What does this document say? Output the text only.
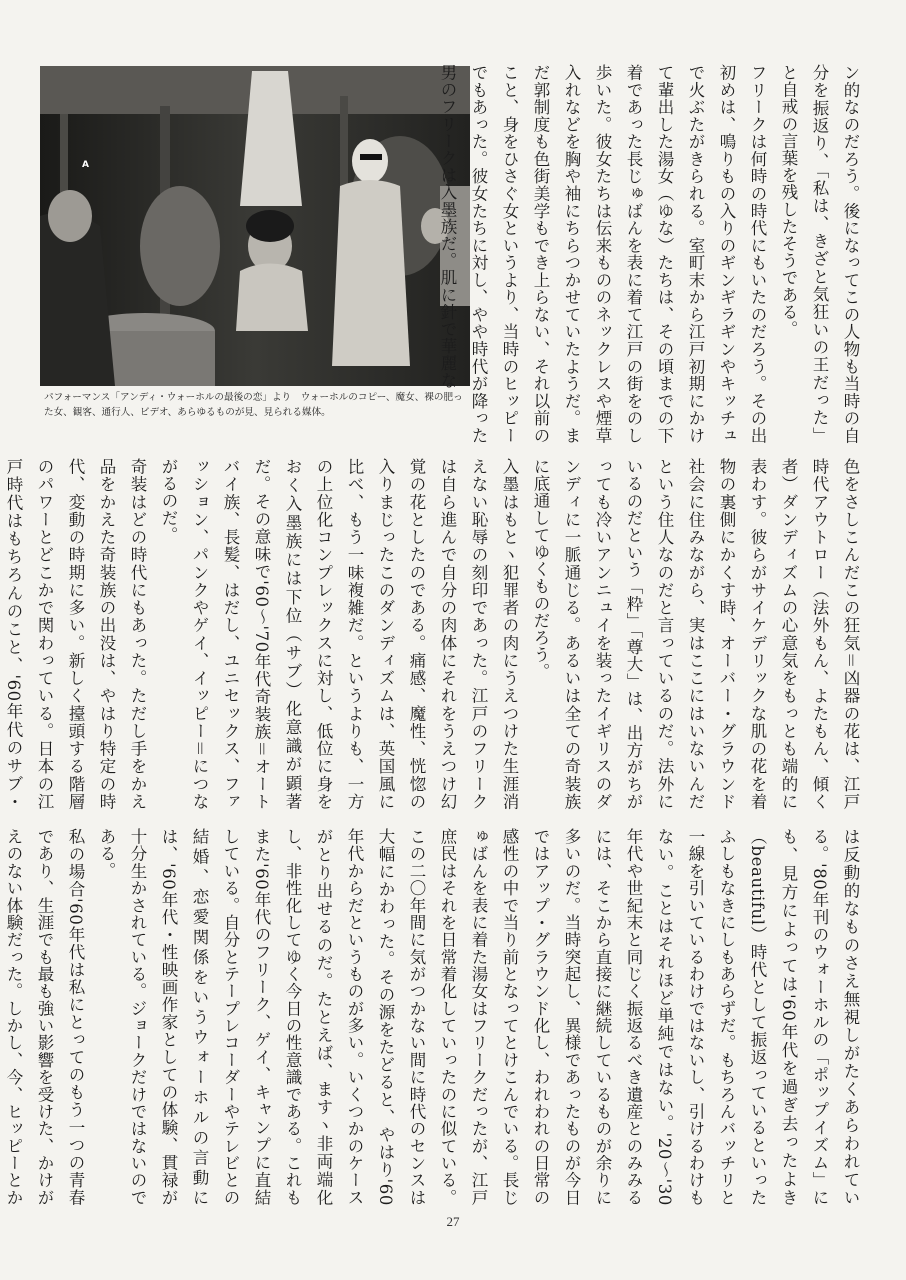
A
パフォーマンス「アンディ・ウォーホルの最後の恋」より　ウォーホルのコピー、魔女、裸の肥った女、観客、通行人、ビデオ、あらゆるものが見、見られる媒体。	ン的なのだろう。後になってこの人物も当時の自分を振返り、「私は、きざと気狂いの王だった」と自戒の言葉を残したそうである。

フリークは何時の時代にもいたのだろう。その出初めは、鳴りもの入りのギンギラギンやキッチュで火ぶたがきられる。室町末から江戸初期にかけて輩出した湯女（ゆな）たちは、その頃までの下着であった長じゅばんを表に着て江戸の街をのし歩いた。彼女たちは伝来もののネックレスや煙草入れなどを胸や袖にちらつかせていたようだ。まだ郭制度も色街美学もでき上らない、それ以前のこと、身をひさぐ女というより、当時のヒッピーでもあった。彼女たちに対し、やや時代が降った男のフリークは入墨族だ。肌に針で華麗な

色をさしこんだこの狂気＝凶器の花は、江戸時代アウトロー（法外もん、よたもん、傾く者）ダンディズムの心意気をもっとも端的に表わす。彼らがサイケデリックな肌の花を着物の裏側にかくす時、オーバー・グラウンド社会に住みながら、実はここにはいないんだという住人なのだと言っているのだ。法外にいるのだという「粋」「尊大」は、出方がちがっても冷いアンニュイを装ったイギリスのダンディに一脈通じる。あるいは全ての奇装族に底通してゆくものだろう。

入墨はもとヽ犯罪者の肉にうえつけた生涯消えない恥辱の刻印であった。江戸のフリークは自ら進んで自分の肉体にそれをうえつけ幻覚の花としたのである。痛感、魔性、恍惚の入りまじったこのダンディズムは、英国風に比べ、もう一味複雑だ。というよりも、一方の上位化コンプレックスに対し、低位に身をおく入墨族には下位（サブ）化意識が顕著だ。その意味で'60〜'70年代奇装族＝オートバイ族、長髪、はだし、ユニセックス、ファッション、パンクやゲイ、イッピー＝につながるのだ。

奇装はどの時代にもあった。ただし手をかえ品をかえた奇装族の出没は、やはり特定の時代、変動の時期に多い。新しく擡頭する階層のパワーとどこかで関わっている。日本の江戸時代はもちろんのこと、'60年代のサブ・

は反動的なものさえ無視しがたくあらわれている。'80年刊のウォーホルの「ポップイズム」にも、見方によっては'60年代を過ぎ去ったよき（beautiful）時代として振返っているといったふしもなきにしもあらずだ。もちろんバッチリと一線を引いているわけではないし、引けるわけもない。ことはそれほど単純ではない。'20〜'30年代や世紀末と同じく振返るべき遺産とのみみるには、そこから直接に継続しているものが余りに多いのだ。当時突起し、異様であったものが今日ではアップ・グラウンド化し、われわれの日常の感性の中で当り前となってとけこんでいる。長じゅばんを表に着た湯女はフリークだったが、江戸庶民はそれを日常着化していったのに似ている。この二〇年間に気がつかない間に時代のセンスは大幅にかわった。その源をたどると、やはり'60年代からだというものが多い。いくつかのケースがとり出せるのだ。たとえば、ますヽ非両端化し、非性化してゆく今日の性意識である。これもまた'60年代のフリーク、ゲイ、キャンプに直結している。自分とテープレコーダーやテレビとの結婚、恋愛関係をいうウォーホルの言動には、'60年代・性映画作家としての体験、貫禄が十分生かされている。ジョークだけではないのである。

私の場合'60年代は私にとってのもう一つの青春であり、生涯でも最も強い影響を受けた、かけがえのない体験だった。しかし、今、ヒッピーとか　　

27
